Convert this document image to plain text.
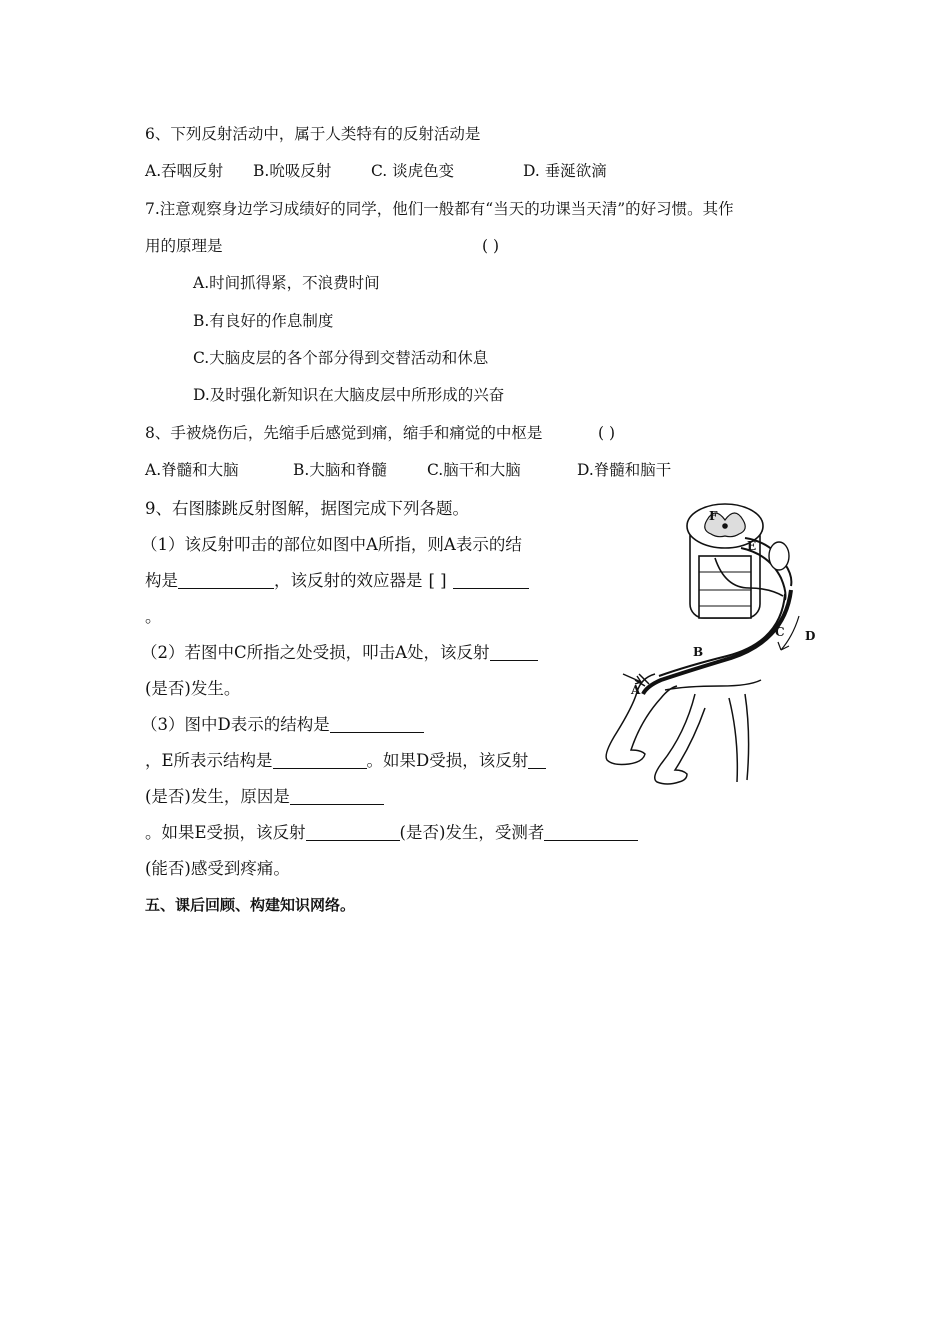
6、下列反射活动中，属于人类特有的反射活动是
A.吞咽反射 B.吮吸反射	C. 谈虎色变	D. 垂涎欲滴
7.注意观察身边学习成绩好的同学，他们一般都有“当天的功课当天清”的好习惯。其作
用的原理是	( )
A.时间抓得紧，不浪费时间
B.有良好的作息制度
C.大脑皮层的各个部分得到交替活动和休息
D.及时强化新知识在大脑皮层中所形成的兴奋
8、手被烧伤后，先缩手后感觉到痛，缩手和痛觉的中枢是	( )
A.脊髓和大脑	B.大脑和脊髓	C.脑干和大脑	D.脊髓和脑干
9、右图膝跳反射图解，据图完成下列各题。
（1）该反射叩击的部位如图中A所指，则A表示的结
构是	，该反射的效应器是 [ ]
。
（2）若图中C所指之处受损，叩击A处，该反射
(是否)发生。
（3）图中D表示的结构是
，E所表示结构是	。如果D受损，该反射
(是否)发生，原因是
。如果E受损，该反射	(是否)发生，受测者
(能否)感受到疼痛。
五、课后回顾、构建知识网络。
F
E
C D
B
A
